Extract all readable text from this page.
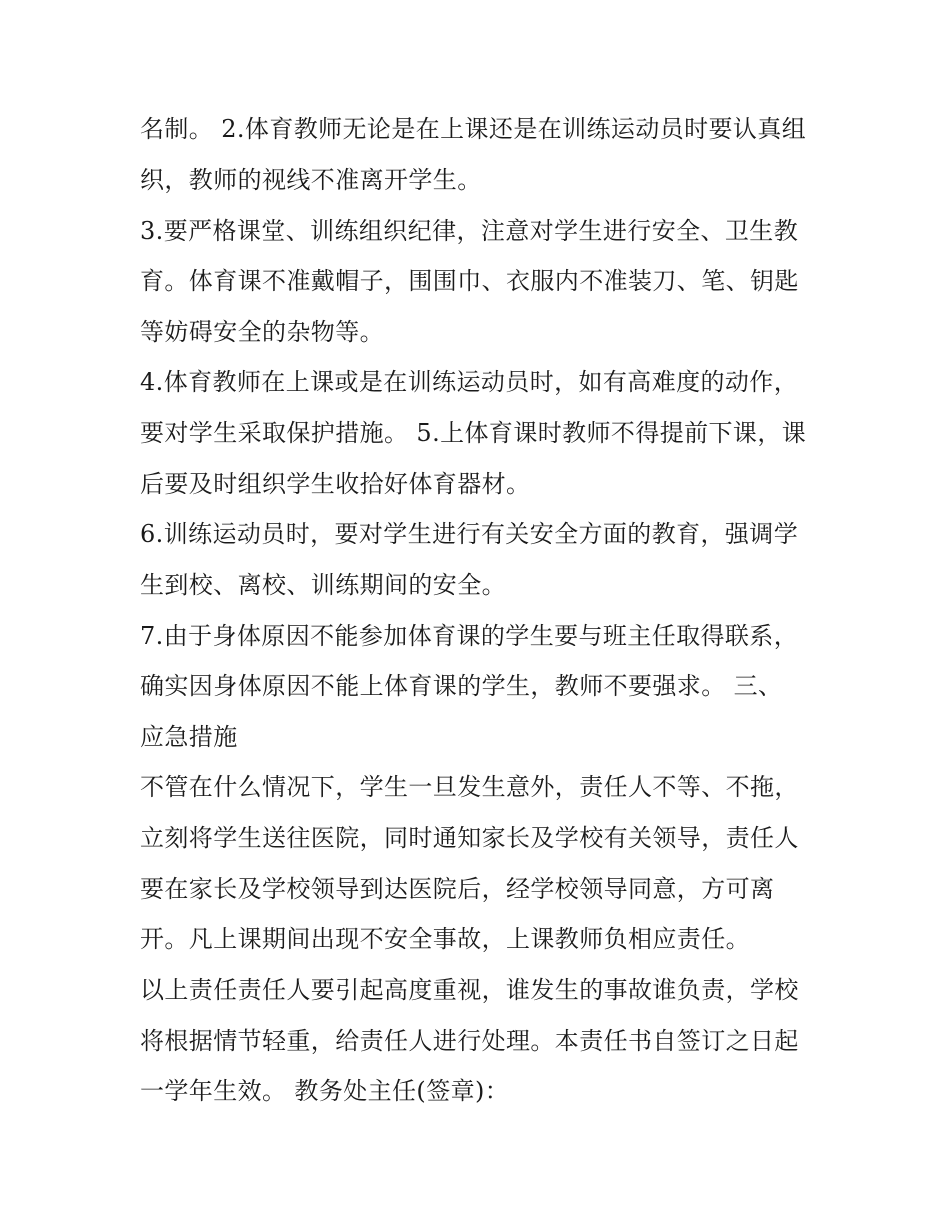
名制。 2.体育教师无论是在上课还是在训练运动员时要认真组
织，教师的视线不准离开学生。
3.要严格课堂、训练组织纪律，注意对学生进行安全、卫生教
育。体育课不准戴帽子，围围巾、衣服内不准装刀、笔、钥匙
等妨碍安全的杂物等。
4.体育教师在上课或是在训练运动员时，如有高难度的动作，
要对学生采取保护措施。 5.上体育课时教师不得提前下课，课
后要及时组织学生收拾好体育器材。
6.训练运动员时，要对学生进行有关安全方面的教育，强调学
生到校、离校、训练期间的安全。
7.由于身体原因不能参加体育课的学生要与班主任取得联系，
确实因身体原因不能上体育课的学生，教师不要强求。 三、
应急措施
不管在什么情况下，学生一旦发生意外，责任人不等、不拖，
立刻将学生送往医院，同时通知家长及学校有关领导，责任人
要在家长及学校领导到达医院后，经学校领导同意，方可离
开。凡上课期间出现不安全事故，上课教师负相应责任。
以上责任责任人要引起高度重视，谁发生的事故谁负责，学校
将根据情节轻重，给责任人进行处理。本责任书自签订之日起
一学年生效。 教务处主任(签章)：
